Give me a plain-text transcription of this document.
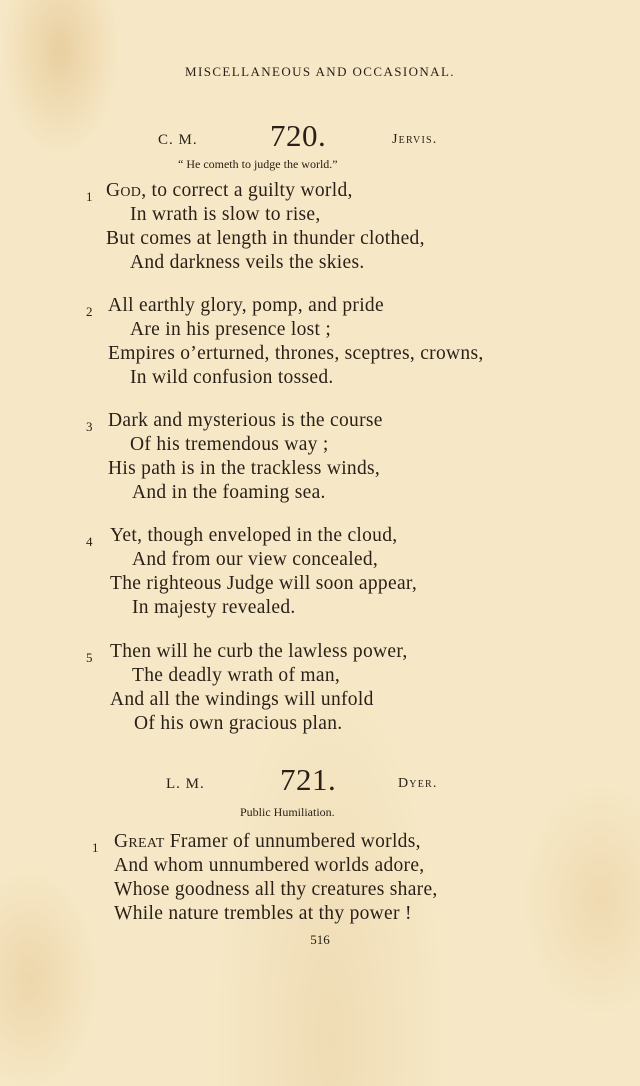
MISCELLANEOUS AND OCCASIONAL.
C. M. 720.	Jervis.
“ He cometh to judge the world.”
1 God, to correct a guilty world,
In wrath is slow to rise,
But comes at length in thunder clothed,
And darkness veils the skies.
2 All earthly glory, pomp, and pride
Are in his presence lost ;
Empires o’erturned, thrones, sceptres, crowns,
In wild confusion tossed.
3 Dark and mysterious is the course
Of his tremendous way ;
His path is in the trackless winds,
And in the foaming sea.
4 Yet, though enveloped in the cloud,
And from our view concealed,
The righteous Judge will soon appear,
In majesty revealed.
5 Then will he curb the lawless power,
The deadly wrath of man,
And all the windings will unfold
Of his own gracious plan.
L. M. 721.	Dyer.
Public Humiliation.
1 Great Framer of unnumbered worlds,
And whom unnumbered worlds adore,
Whose goodness all thy creatures share,
While nature trembles at thy power !
516
